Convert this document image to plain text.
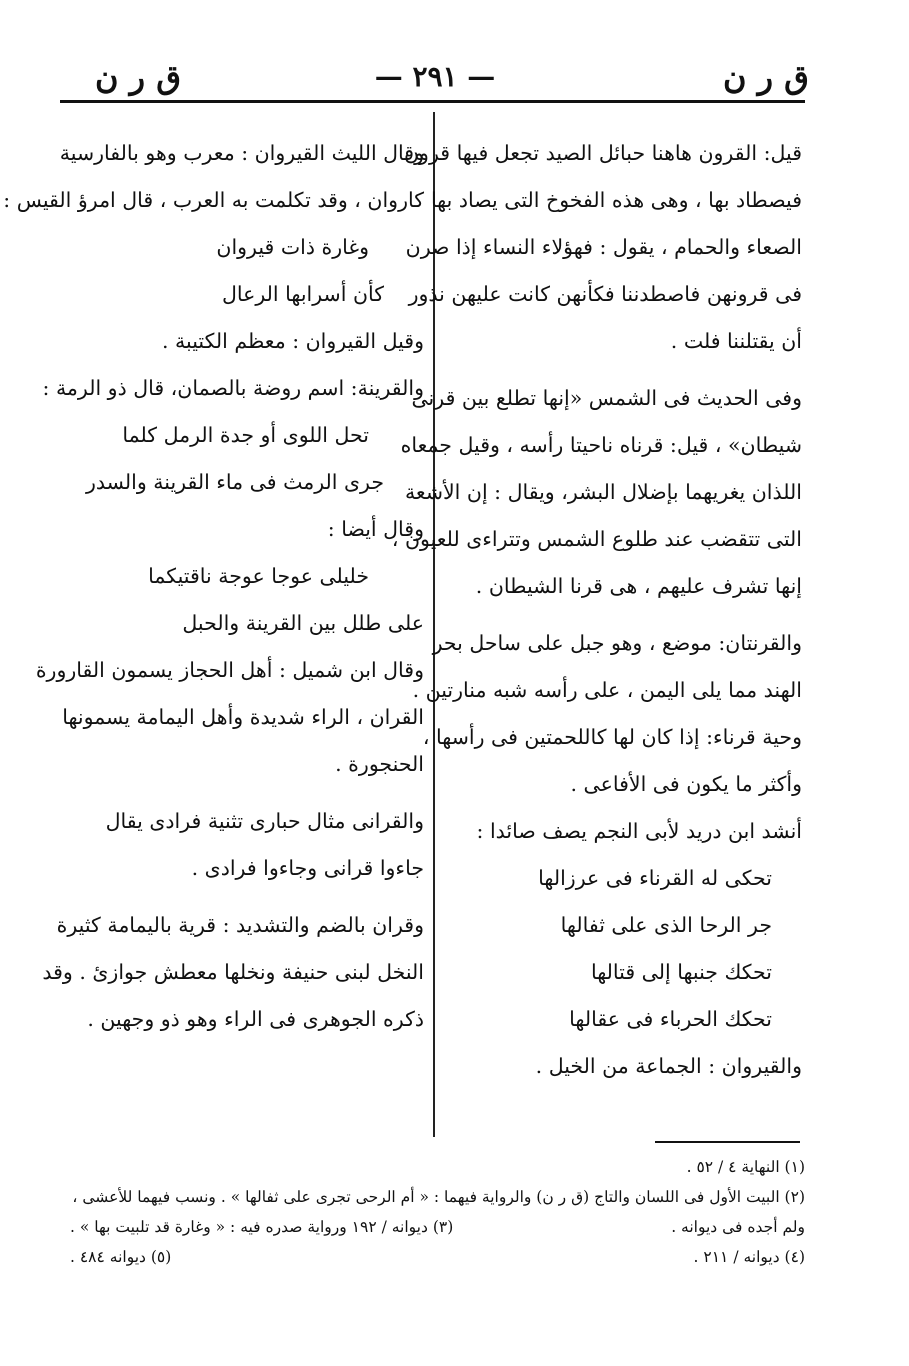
ق ر ن
— ٢٩١ —
ق ر ن
قيل: القرون هاهنا حبائل الصيد تجعل فيها قرون
فيصطاد بها ، وهى هذه الفخوخ التى يصاد بها
الصعاء والحمام ، يقول : فهؤلاء النساء إذا صرن
فى قرونهن فاصطدننا فكأنهن كانت عليهن نذور
أن يقتلننا فلت .
وفى الحديث فى الشمس «إنها تطلع بين قرنى
شيطان» ، قيل: قرناه ناحيتا رأسه ، وقيل جمعاه
اللذان يغريهما بإضلال البشر، ويقال : إن الأشعة
التى تتقضب عند طلوع الشمس وتتراءى للعيون ،
إنها تشرف عليهم ، هى قرنا الشيطان .
والقرنتان: موضع ، وهو جبل على ساحل بحر
الهند مما يلى اليمن ، على رأسه شبه منارتين .
وحية قرناء: إذا كان لها كاللحمتين فى رأسها ،
وأكثر ما يكون فى الأفاعى .
أنشد ابن دريد لأبى النجم يصف صائدا :
تحكى له القرناء فى عرزالها
جر الرحا الذى على ثفالها
تحكك جنبها إلى قتالها
تحكك الحرباء فى عقالها
والقيروان : الجماعة من الخيل .
وقال الليث القيروان : معرب وهو بالفارسية
كاروان ، وقد تكلمت به العرب ، قال امرؤ القيس :
وغارة ذات قيروان
كأن أسرابها الرعال
وقيل القيروان : معظم الكتيبة .
والقرينة: اسم روضة بالصمان، قال ذو الرمة :
تحل اللوى أو جدة الرمل كلما
جرى الرمث فى ماء القرينة والسدر
وقال أيضا :
خليلى عوجا عوجة ناقتيكما
على طلل بين القرينة والحبل
وقال ابن شميل : أهل الحجاز يسمون القارورة
القران ، الراء شديدة وأهل اليمامة يسمونها
الحنجورة .
والقرانى مثال حبارى تثنية فرادى يقال
جاءوا قرانى وجاءوا فرادى .
وقران بالضم والتشديد : قرية باليمامة كثيرة
النخل لبنى حنيفة ونخلها معطش جوازئ . وقد
ذكره الجوهرى فى الراء وهو ذو وجهين .
(١) النهاية ٤ / ٥٢ .
(٢) البيت الأول فى اللسان والتاج (ق ر ن) والرواية فيهما : « أم الرحى تجرى على ثفالها » . ونسب فيهما للأعشى ،
ولم أجده فى ديوانه .
(٣) ديوانه / ١٩٢ ورواية صدره فيه : « وغارة قد تلبيت بها » .
(٤) ديوانه / ٢١١ .
(٥) ديوانه ٤٨٤ .
